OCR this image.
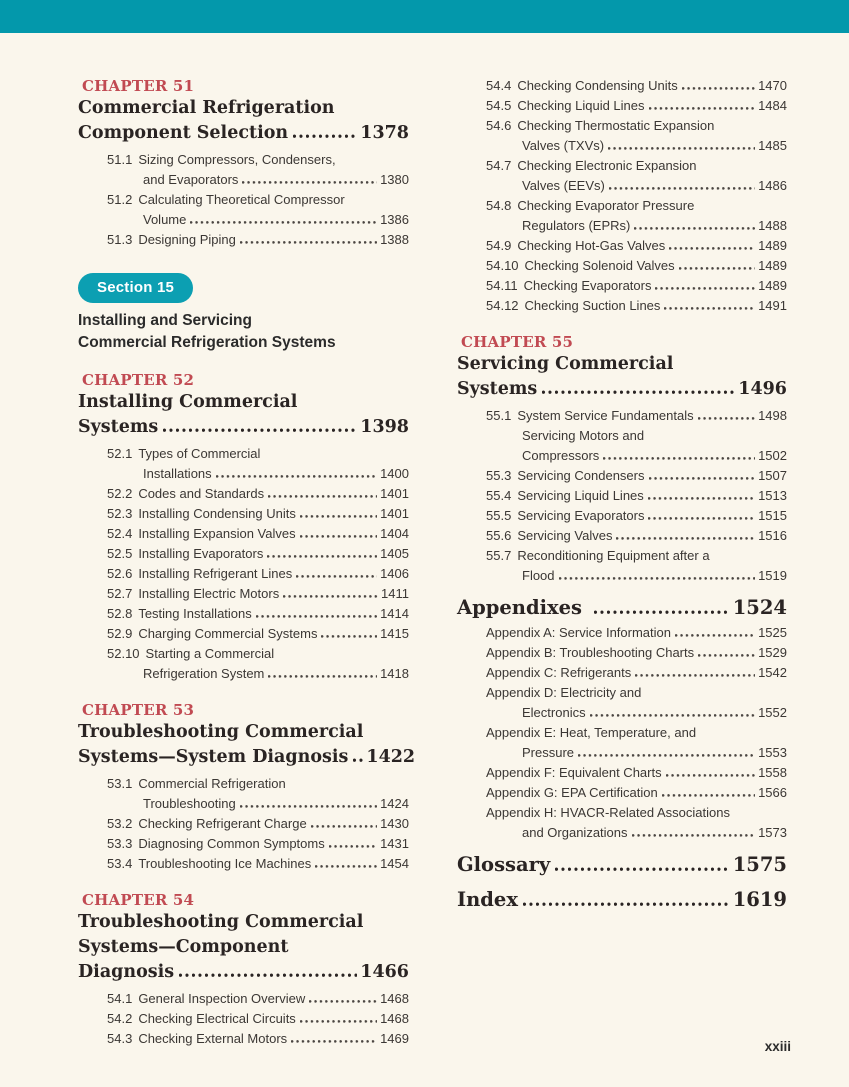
CHAPTER 51
Commercial Refrigeration
Component Selection	1378
51.1 Sizing Compressors, Condensers,
and Evaporators	1380
51.2 Calculating Theoretical Compressor
Volume	1386
51.3 Designing Piping	1388
Section 15
Installing and Servicing
Commercial Refrigeration Systems
CHAPTER 52
Installing Commercial
Systems	1398
52.1 Types of Commercial
Installations	1400
52.2 Codes and Standards	1401
52.3 Installing Condensing Units	1401
52.4 Installing Expansion Valves	1404
52.5 Installing Evaporators	1405
52.6 Installing Refrigerant Lines	1406
52.7 Installing Electric Motors	1411
52.8 Testing Installations	1414
52.9 Charging Commercial Systems	1415
52.10 Starting a Commercial
Refrigeration System	1418
CHAPTER 53
Troubleshooting Commercial
Systems—System Diagnosis 1422
53.1 Commercial Refrigeration
Troubleshooting	1424
53.2 Checking Refrigerant Charge	1430
53.3 Diagnosing Common Symptoms	1431
53.4 Troubleshooting Ice Machines	1454
CHAPTER 54
Troubleshooting Commercial
Systems—Component
Diagnosis	1466
54.1 General Inspection Overview	1468
54.2 Checking Electrical Circuits	1468
54.3 Checking External Motors	1469
54.4 Checking Condensing Units	1470
54.5 Checking Liquid Lines	1484
54.6 Checking Thermostatic Expansion
Valves (TXVs)	1485
54.7 Checking Electronic Expansion
Valves (EEVs)	1486
54.8 Checking Evaporator Pressure
Regulators (EPRs)	1488
54.9 Checking Hot-Gas Valves	1489
54.10 Checking Solenoid Valves	1489
54.11 Checking Evaporators	1489
54.12 Checking Suction Lines	1491
CHAPTER 55
Servicing Commercial
Systems	1496
55.1 System Service Fundamentals	1498
Servicing Motors and
Compressors	1502
55.3 Servicing Condensers	1507
55.4 Servicing Liquid Lines	1513
55.5 Servicing Evaporators	1515
55.6 Servicing Valves	1516
55.7 Reconditioning Equipment after a
Flood	1519
Appendixes	1524
Appendix A: Service Information	1525
Appendix B: Troubleshooting Charts	1529
Appendix C: Refrigerants	1542
Appendix D: Electricity and
Electronics	1552
Appendix E: Heat, Temperature, and
Pressure	1553
Appendix F: Equivalent Charts	1558
Appendix G: EPA Certification	1566
Appendix H: HVACR-Related Associations
and Organizations	1573
Glossary	1575
Index	1619
xxiii
